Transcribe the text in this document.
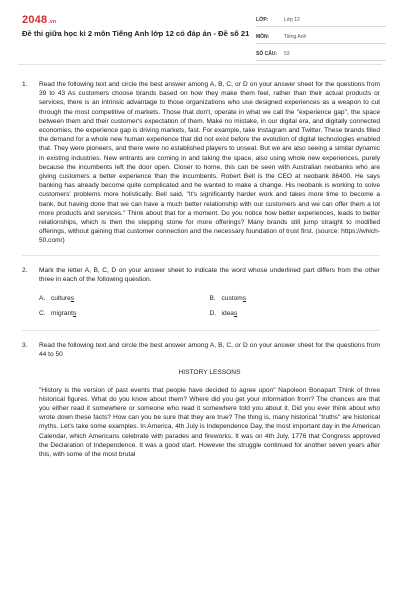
2048.vn
Đề thi giữa học kì 2 môn Tiếng Anh lớp 12 có đáp án - Đề số 21
LỚP:	Lớp 12
MÔN:	Tiếng Anh
SỐ CÂU:	53
1. Read the following text and circle the best answer among A, B, C, or D on your answer sheet for the questions from 39 to 43 As customers choose brands based on how they make them feel, rather than their actual products or services, there is an intrinsic advantage to those organizations who use designed experiences as a weapon to cut through the most competitive of markets. Those that don't, operate in what we call the "experience gap", the space between them and their customer's expectation of them. Make no mistake, in our digital era, and digitally connected economies, the experience gap is driving markets, fast. For example, take Instagram and Twitter. These brands filled the demand for a whole new human experience that did not exist before the evolution of digital technologies enabled that. They were pioneers, and there were no established players to unseat. But we are also seeing a similar dynamic in existing industries. New entrants are coming in and taking the space, also using whole new experiences, purely because the incumbents left the door open. Closer to home, this can be seen with Australian neobanks who are giving customers a better experience than the incumbents. Robert Bell is the CEO at neobank 86400. He says banking has already become quite complicated and he wanted to make a change. His neobank is working to solve customers' problems more holistically. Bell said, "It's significantly harder work and takes more time to become a bank, but having done that we can have a much better relationship with our customers and we can offer them a lot more products and services." Think about that for a moment. Do you notice how better experiences, leads to better relationships, which is then the stepping stone for more offerings? Many brands still jump straight to modified offerings, without gaining that customer connection and the necessary foundation of trust first. (source: https://which-50.com/)
2. Mark the letter A, B, C, D on your answer sheet to indicate the word whose underlined part differs from the other three in each of the following question.
A. cultures	B. customs
C. migrants	D. ideas
3. Read the following text and circle the best answer among A, B, C, or D on your answer sheet for the questions from 44 to 50
HISTORY LESSONS
"History is the version of past events that people have decided to agree upon" Napoleon Bonapart Think of three historical figures. What do you know about them? Where did you get your information from? The chances are that you either read it somewhere or someone who read it somewhere told you about it. Did you ever think about who wrote down these facts? How can you be sure that they are true? The thing is, many historical "truths" are historical myths. Let's take some examples. In America, 4th July is Independence Day, the most important day in the American Calendar, which Americans celebrate with parades and fireworks. It was on 4th July, 1776 that Congress approved the Declaration of Independence. It was a good start. However the struggle continued for another seven years after this, with some of the most brutal
